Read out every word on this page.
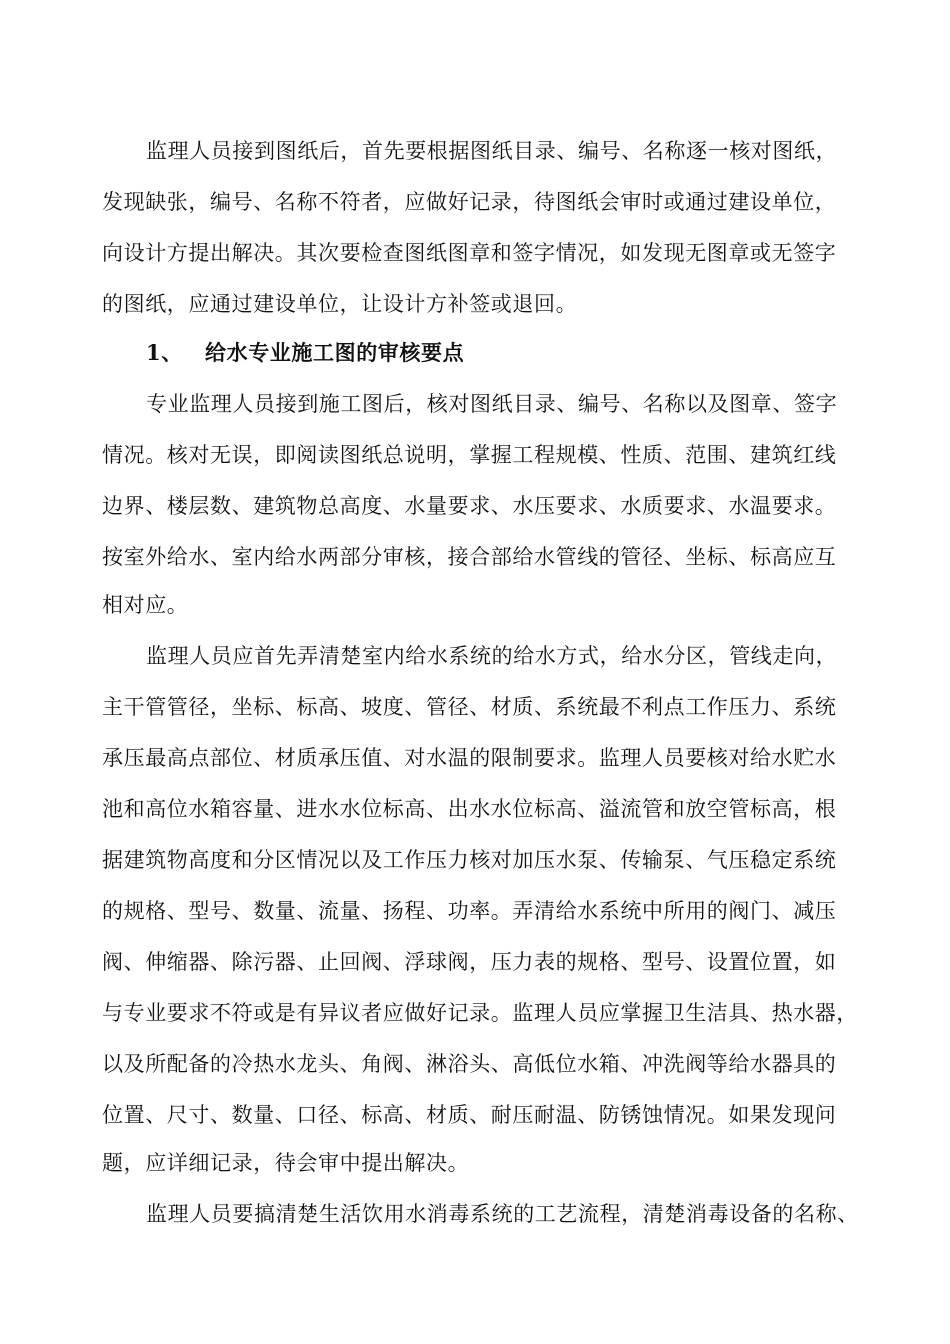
监理人员接到图纸后，首先要根据图纸目录、编号、名称逐一核对图纸，
发现缺张，编号、名称不符者，应做好记录，待图纸会审时或通过建设单位，
向设计方提出解决。其次要检查图纸图章和签字情况，如发现无图章或无签字
的图纸，应通过建设单位，让设计方补签或退回。
1、 给水专业施工图的审核要点
专业监理人员接到施工图后，核对图纸目录、编号、名称以及图章、签字
情况。核对无误，即阅读图纸总说明，掌握工程规模、性质、范围、建筑红线
边界、楼层数、建筑物总高度、水量要求、水压要求、水质要求、水温要求。
按室外给水、室内给水两部分审核，接合部给水管线的管径、坐标、标高应互
相对应。
监理人员应首先弄清楚室内给水系统的给水方式，给水分区，管线走向，
主干管管径，坐标、标高、坡度、管径、材质、系统最不利点工作压力、系统
承压最高点部位、材质承压值、对水温的限制要求。监理人员要核对给水贮水
池和高位水箱容量、进水水位标高、出水水位标高、溢流管和放空管标高，根
据建筑物高度和分区情况以及工作压力核对加压水泵、传输泵、气压稳定系统
的规格、型号、数量、流量、扬程、功率。弄清给水系统中所用的阀门、减压
阀、伸缩器、除污器、止回阀、浮球阀，压力表的规格、型号、设置位置，如
与专业要求不符或是有异议者应做好记录。监理人员应掌握卫生洁具、热水器，
以及所配备的冷热水龙头、角阀、淋浴头、高低位水箱、冲洗阀等给水器具的
位置、尺寸、数量、口径、标高、材质、耐压耐温、防锈蚀情况。如果发现问
题，应详细记录，待会审中提出解决。
监理人员要搞清楚生活饮用水消毒系统的工艺流程，清楚消毒设备的名称、
